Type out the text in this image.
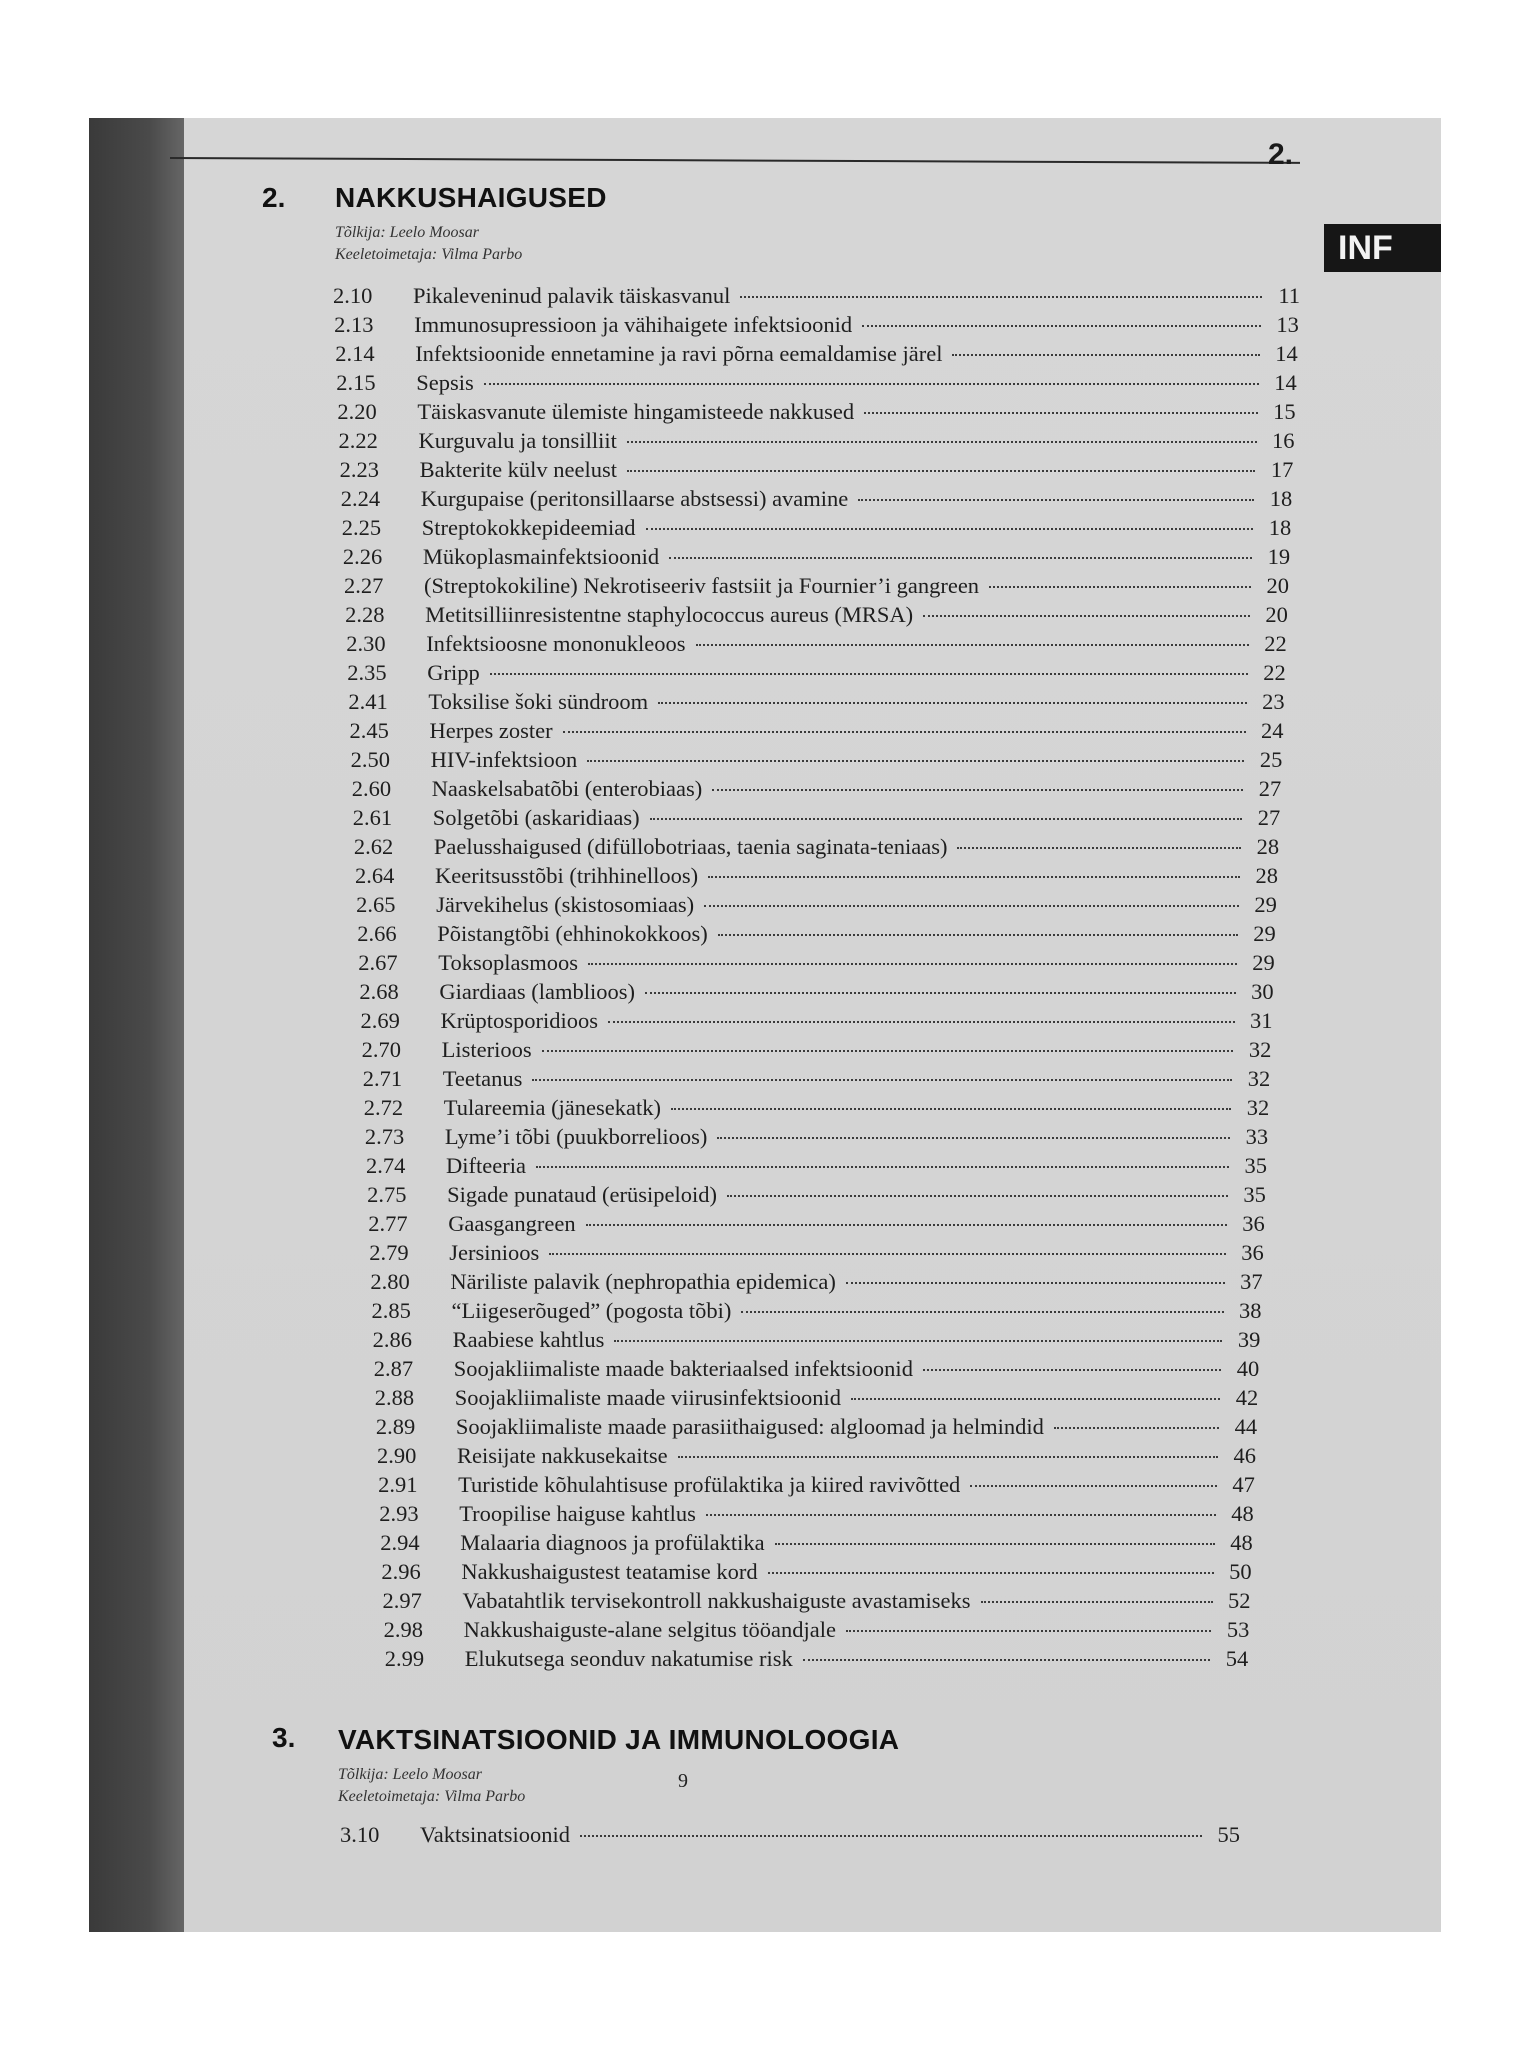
INF
2.
2. NAKKUSHAIGUSED
Tõlkija: Leelo Moosar
Keeletoimetaja: Vilma Parbo
2.10	Pikaleveninud palavik täiskasvanul	11
2.13	Immunosupressioon ja vähihaigete infektsioonid	13
2.14	Infektsioonide ennetamine ja ravi põrna eemaldamise järel	14
2.15	Sepsis	14
2.20	Täiskasvanute ülemiste hingamisteede nakkused	15
2.22	Kurguvalu ja tonsilliit	16
2.23	Bakterite külv neelust	17
2.24	Kurgupaise (peritonsillaarse abstsessi) avamine	18
2.25	Streptokokkepideemiad	18
2.26	Mükoplasmainfektsioonid	19
2.27	(Streptokokiline) Nekrotiseeriv fastsiit ja Fournier’i gangreen	20
2.28	Metitsilliinresistentne staphylococcus aureus (MRSA)	20
2.30	Infektsioosne mononukleoos	22
2.35	Gripp	22
2.41	Toksilise šoki sündroom	23
2.45	Herpes zoster	24
2.50	HIV-infektsioon	25
2.60	Naaskelsabatõbi (enterobiaas)	27
2.61	Solgetõbi (askaridiaas)	27
2.62	Paelusshaigused (difüllobotriaas, taenia saginata-teniaas)	28
2.64	Keeritsusstõbi (trihhinelloos)	28
2.65	Järvekihelus (skistosomiaas)	29
2.66	Põistangtõbi (ehhinokokkoos)	29
2.67	Toksoplasmoos	29
2.68	Giardiaas (lamblioos)	30
2.69	Krüptosporidioos	31
2.70	Listerioos	32
2.71	Teetanus	32
2.72	Tulareemia (jänesekatk)	32
2.73	Lyme’i tõbi (puukborrelioos)	33
2.74	Difteeria	35
2.75	Sigade punataud (erüsipeloid)	35
2.77	Gaasgangreen	36
2.79	Jersinioos	36
2.80	Näriliste palavik (nephropathia epidemica)	37
2.85	“Liigeserõuged” (pogosta tõbi)	38
2.86	Raabiese kahtlus	39
2.87	Soojakliimaliste maade bakteriaalsed infektsioonid	40
2.88	Soojakliimaliste maade viirusinfektsioonid	42
2.89	Soojakliimaliste maade parasiithaigused: algloomad ja helmindid	44
2.90	Reisijate nakkusekaitse	46
2.91	Turistide kõhulahtisuse profülaktika ja kiired ravivõtted	47
2.93	Troopilise haiguse kahtlus	48
2.94	Malaaria diagnoos ja profülaktika	48
2.96	Nakkushaigustest teatamise kord	50
2.97	Vabatahtlik tervisekontroll nakkushaiguste avastamiseks	52
2.98	Nakkushaiguste-alane selgitus tööandjale	53
2.99	Elukutsega seonduv nakatumise risk	54
3. VAKTSINATSIOONID JA IMMUNOLOOGIA
Tõlkija: Leelo Moosar
Keeletoimetaja: Vilma Parbo
3.10	Vaktsinatsioonid	55
9
